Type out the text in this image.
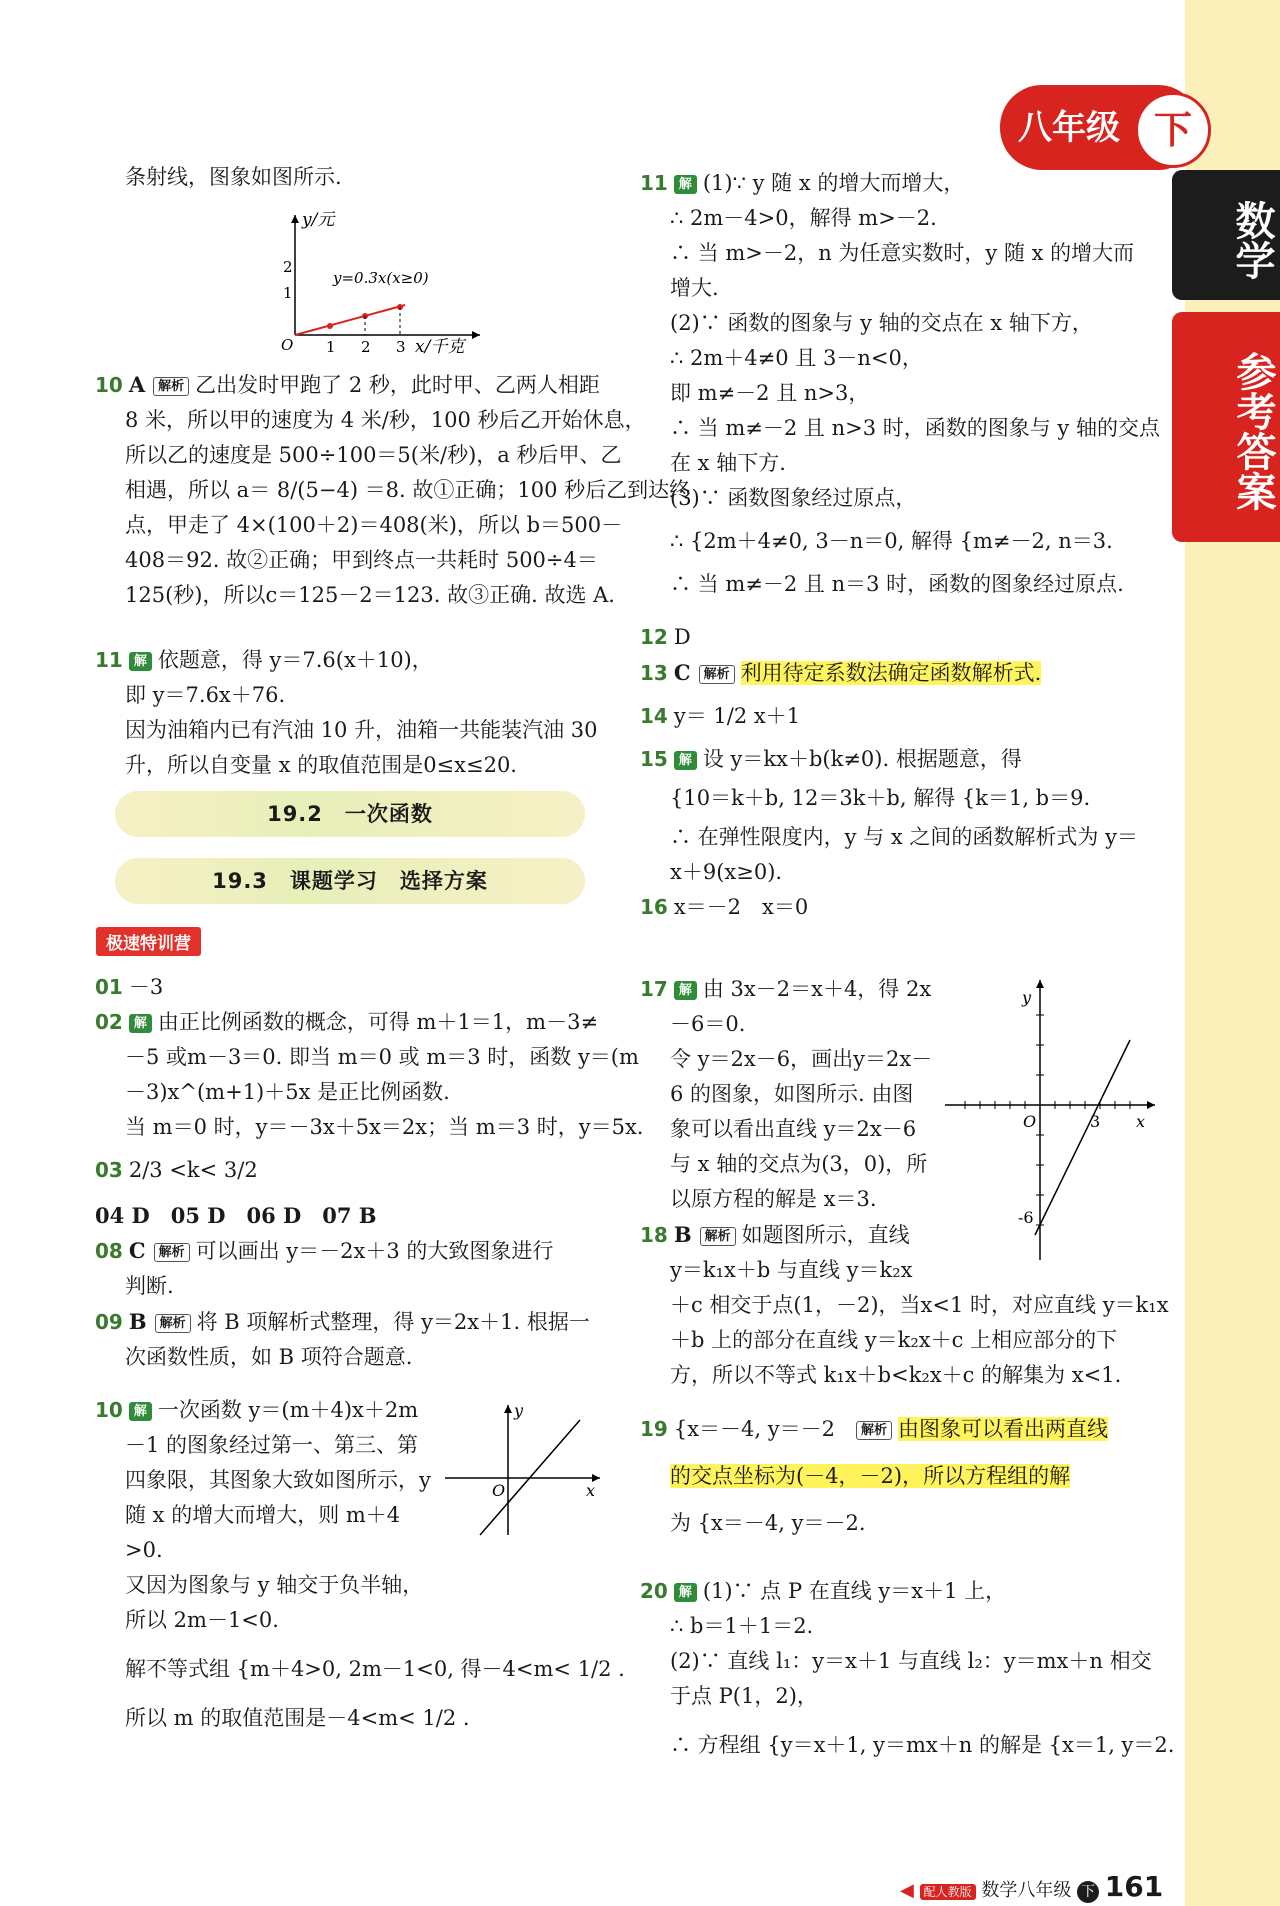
八年级 下
数学
参考答案
条射线，图象如图所示.
y/元
y=0.3x(x≥0)
2
1
O 1 2 3 x/千克
10 A 解析 乙出发时甲跑了 2 秒，此时甲、乙两人相距
8 米，所以甲的速度为 4 米/秒，100 秒后乙开始休息，
所以乙的速度是 500÷100＝5(米/秒)，a 秒后甲、乙
相遇，所以 a＝ 8/(5−4) ＝8. 故①正确；100 秒后乙到达终
点，甲走了 4×(100＋2)＝408(米)，所以 b＝500－
408＝92. 故②正确；甲到终点一共耗时 500÷4＝
125(秒)，所以c＝125－2＝123. 故③正确. 故选 A.
11 解 依题意，得 y＝7.6(x＋10)，
即 y＝7.6x＋76.
因为油箱内已有汽油 10 升，油箱一共能装汽油 30
升，所以自变量 x 的取值范围是0≤x≤20.
19.2　一次函数
19.3　课题学习　选择方案
极速特训营
01 －3
02 解 由正比例函数的概念，可得 m＋1＝1，m－3≠
－5 或m－3＝0. 即当 m＝0 或 m＝3 时，函数 y＝(m
－3)x^(m+1)＋5x 是正比例函数.
当 m＝0 时，y＝－3x＋5x＝2x；当 m＝3 时，y＝5x.
03 2/3 <k< 3/2
04 D　05 D　06 D　07 B
08 C 解析 可以画出 y＝－2x＋3 的大致图象进行
判断.
09 B 解析 将 B 项解析式整理，得 y＝2x＋1. 根据一
次函数性质，如 B 项符合题意.
10 解 一次函数 y＝(m＋4)x＋2m
－1 的图象经过第一、第三、第
四象限，其图象大致如图所示，y
随 x 的增大而增大，则 m＋4
>0.
又因为图象与 y 轴交于负半轴，
所以 2m－1<0.
解不等式组 {m＋4>0, 2m－1<0, 得－4<m< 1/2 .
所以 m 的取值范围是－4<m< 1/2 .
y
x
O
11 解 (1)∵ y 随 x 的增大而增大，
∴ 2m－4>0，解得 m>－2.
∴ 当 m>－2，n 为任意实数时，y 随 x 的增大而
增大.
(2)∵ 函数的图象与 y 轴的交点在 x 轴下方，
∴ 2m＋4≠0 且 3－n<0，
即 m≠－2 且 n>3，
∴ 当 m≠－2 且 n>3 时，函数的图象与 y 轴的交点
在 x 轴下方.
(3)∵ 函数图象经过原点，
∴ {2m＋4≠0, 3－n＝0, 解得 {m≠－2, n＝3.
∴ 当 m≠－2 且 n＝3 时，函数的图象经过原点.
12 D
13 C 解析 利用待定系数法确定函数解析式.
14 y＝ 1/2 x＋1
15 解 设 y＝kx＋b(k≠0). 根据题意，得
{10＝k＋b, 12＝3k＋b, 解得 {k＝1, b＝9.
∴ 在弹性限度内，y 与 x 之间的函数解析式为 y＝
x＋9(x≥0).
16 x＝－2　x＝0
17 解 由 3x－2＝x＋4，得 2x
－6＝0.
令 y＝2x－6，画出y＝2x－
6 的图象，如图所示. 由图
象可以看出直线 y＝2x－6
与 x 轴的交点为(3，0)，所
以原方程的解是 x＝3.
y
x
O	3
-6
18 B 解析 如题图所示，直线
y＝k₁x＋b 与直线 y＝k₂x
＋c 相交于点(1，－2)，当x<1 时，对应直线 y＝k₁x
＋b 上的部分在直线 y＝k₂x＋c 上相应部分的下
方，所以不等式 k₁x＋b<k₂x＋c 的解集为 x<1.
19 {x＝－4, y＝－2　 解析 由图象可以看出两直线
的交点坐标为(－4，－2)，所以方程组的解
为 {x＝－4, y＝－2.
20 解 (1)∵ 点 P 在直线 y＝x＋1 上，
∴ b＝1＋1＝2.
(2)∵ 直线 l₁：y＝x＋1 与直线 l₂：y＝mx＋n 相交
于点 P(1，2)，
∴ 方程组 {y＝x＋1, y＝mx＋n 的解是 {x＝1, y＝2.
◀ 配人教版 数学八年级 下 161
